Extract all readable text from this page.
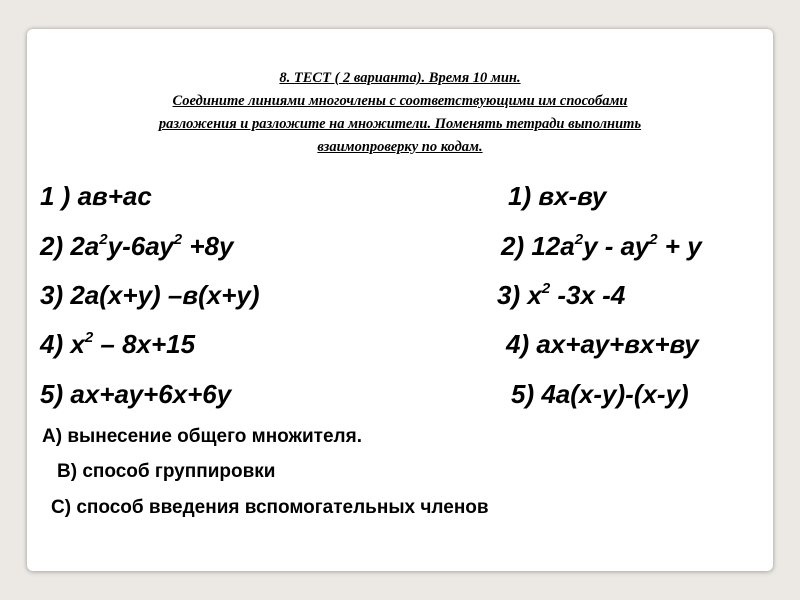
8. ТЕСТ ( 2 варианта). Время 10 мин.
Соедините линиями многочлены с соответствующими им способами
разложения и разложите на множители. Поменять тетради выполнить
взаимопроверку по кодам.
1 ) ав+ас
2) $2а^2у-6ау^2 +8у$
3) 2а(х+у) –в(х+у)
4) $х^2 - 8х+15$
5) ах+ау+6х+6у
1) вх-ву
2) $12а^2у - ау^2 + у$
3) $х^2$ -3х -4
4) ах+ау+вх+ву
5) 4а(х-у)-(х-у)
А) вынесение общего множителя.
В) способ группировки
С) способ введения вспомогательных членов
